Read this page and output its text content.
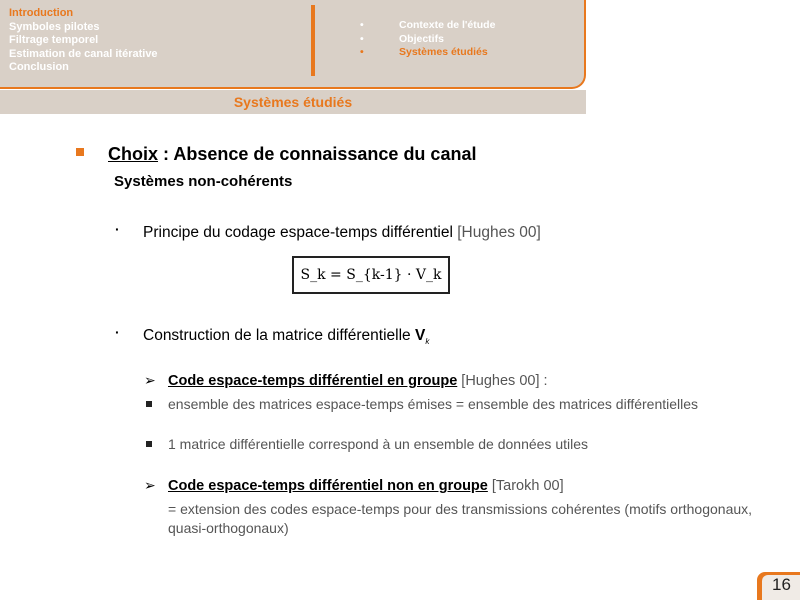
Introduction
Symboles pilotes
Filtrage temporel
Estimation de canal itérative
Conclusion
•	Contexte de l'étude
•	Objectifs
•	Systèmes étudiés
Systèmes étudiés
Choix : Absence de connaissance du canal
Systèmes non-cohérents
· Principe du codage espace-temps différentiel [Hughes 00]
S_k = S_{k-1} · V_k
· Construction de la matrice différentielle $V_k$
➢ Code espace-temps différentiel en groupe [Hughes 00] :
ensemble des matrices espace-temps émises = ensemble des matrices différentielles
1 matrice différentielle correspond à un ensemble de données utiles
➢ Code espace-temps différentiel non en groupe [Tarokh 00]
= extension des codes espace-temps pour des transmissions cohérentes (motifs orthogonaux, quasi-orthogonaux)
16
